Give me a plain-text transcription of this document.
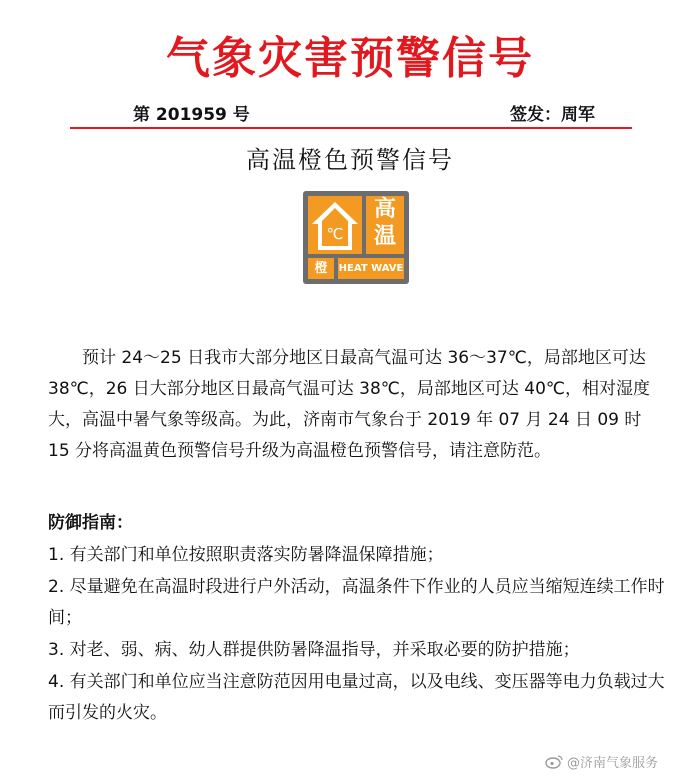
气象灾害预警信号
第 201959 号	签发：周军
高温橙色预警信号
℃
高
温
橙	HEAT WAVE
预计 24～25 日我市大部分地区日最高气温可达 36～37℃，局部地区可达 38℃，26 日大部分地区日最高气温可达 38℃，局部地区可达 40℃，相对湿度大，高温中暑气象等级高。为此，济南市气象台于 2019 年 07 月 24 日 09 时 15 分将高温黄色预警信号升级为高温橙色预警信号，请注意防范。
防御指南：
1. 有关部门和单位按照职责落实防暑降温保障措施；
2. 尽量避免在高温时段进行户外活动，高温条件下作业的人员应当缩短连续工作时间；
3. 对老、弱、病、幼人群提供防暑降温指导，并采取必要的防护措施；
4. 有关部门和单位应当注意防范因用电量过高，以及电线、变压器等电力负载过大而引发的火灾。
@济南气象服务
